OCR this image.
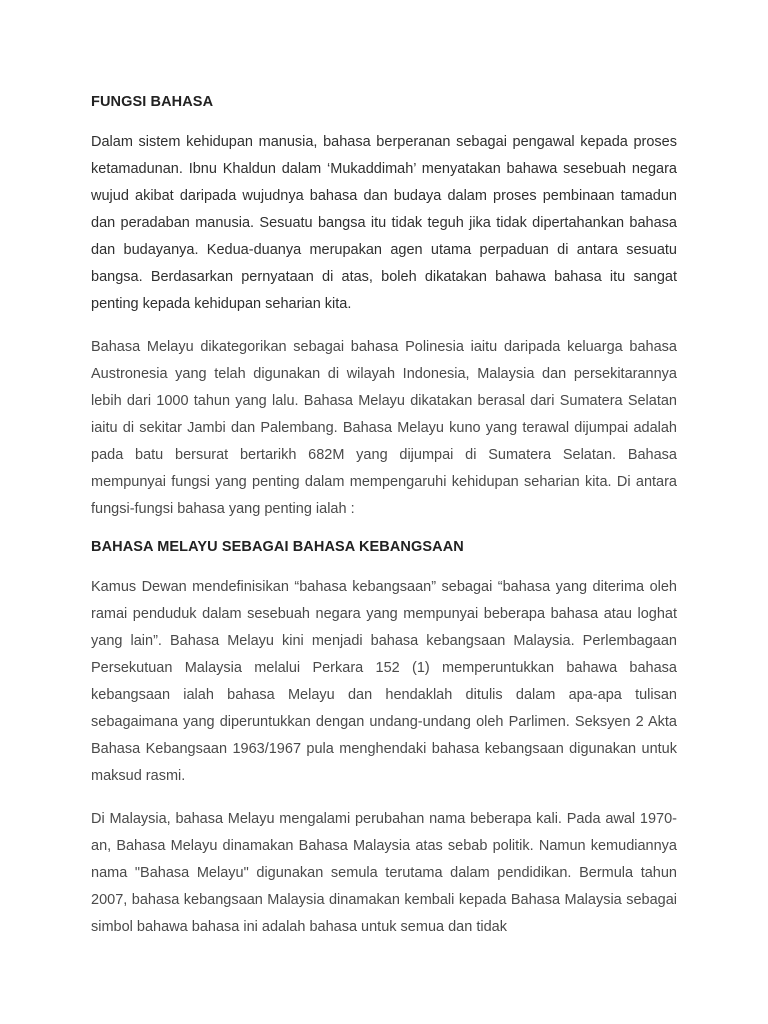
FUNGSI BAHASA

Dalam sistem kehidupan manusia, bahasa berperanan sebagai pengawal kepada proses ketamadunan. Ibnu Khaldun dalam ‘Mukaddimah’ menyatakan bahawa sesebuah negara wujud akibat daripada wujudnya bahasa dan budaya dalam proses pembinaan tamadun dan peradaban manusia. Sesuatu bangsa itu tidak teguh jika tidak dipertahankan bahasa dan budayanya. Kedua-duanya merupakan agen utama perpaduan di antara sesuatu bangsa. Berdasarkan pernyataan di atas, boleh dikatakan bahawa bahasa itu sangat penting kepada kehidupan seharian kita.

Bahasa Melayu dikategorikan sebagai bahasa Polinesia iaitu daripada keluarga bahasa Austronesia yang telah digunakan di wilayah Indonesia, Malaysia dan persekitarannya lebih dari 1000 tahun yang lalu. Bahasa Melayu dikatakan berasal dari Sumatera Selatan iaitu di sekitar Jambi dan Palembang. Bahasa Melayu kuno yang terawal dijumpai adalah pada batu bersurat bertarikh 682M yang dijumpai di Sumatera Selatan. Bahasa mempunyai fungsi yang penting dalam mempengaruhi kehidupan seharian kita. Di antara fungsi-fungsi bahasa yang penting ialah :

BAHASA MELAYU SEBAGAI BAHASA KEBANGSAAN

Kamus Dewan mendefinisikan “bahasa kebangsaan” sebagai “bahasa yang diterima oleh ramai penduduk dalam sesebuah negara yang mempunyai beberapa bahasa atau loghat yang lain”. Bahasa Melayu kini menjadi bahasa kebangsaan Malaysia. Perlembagaan Persekutuan Malaysia melalui Perkara 152 (1) memperuntukkan bahawa bahasa kebangsaan ialah bahasa Melayu dan hendaklah ditulis dalam apa-apa tulisan sebagaimana yang diperuntukkan dengan undang-undang oleh Parlimen. Seksyen 2 Akta Bahasa Kebangsaan 1963/1967 pula menghendaki bahasa kebangsaan digunakan untuk maksud rasmi.

Di Malaysia, bahasa Melayu mengalami perubahan nama beberapa kali. Pada awal 1970-an, Bahasa Melayu dinamakan Bahasa Malaysia atas sebab politik. Namun kemudiannya nama "Bahasa Melayu" digunakan semula terutama dalam pendidikan. Bermula tahun 2007, bahasa kebangsaan Malaysia dinamakan kembali kepada Bahasa Malaysia sebagai simbol bahawa bahasa ini adalah bahasa untuk semua dan tidak
